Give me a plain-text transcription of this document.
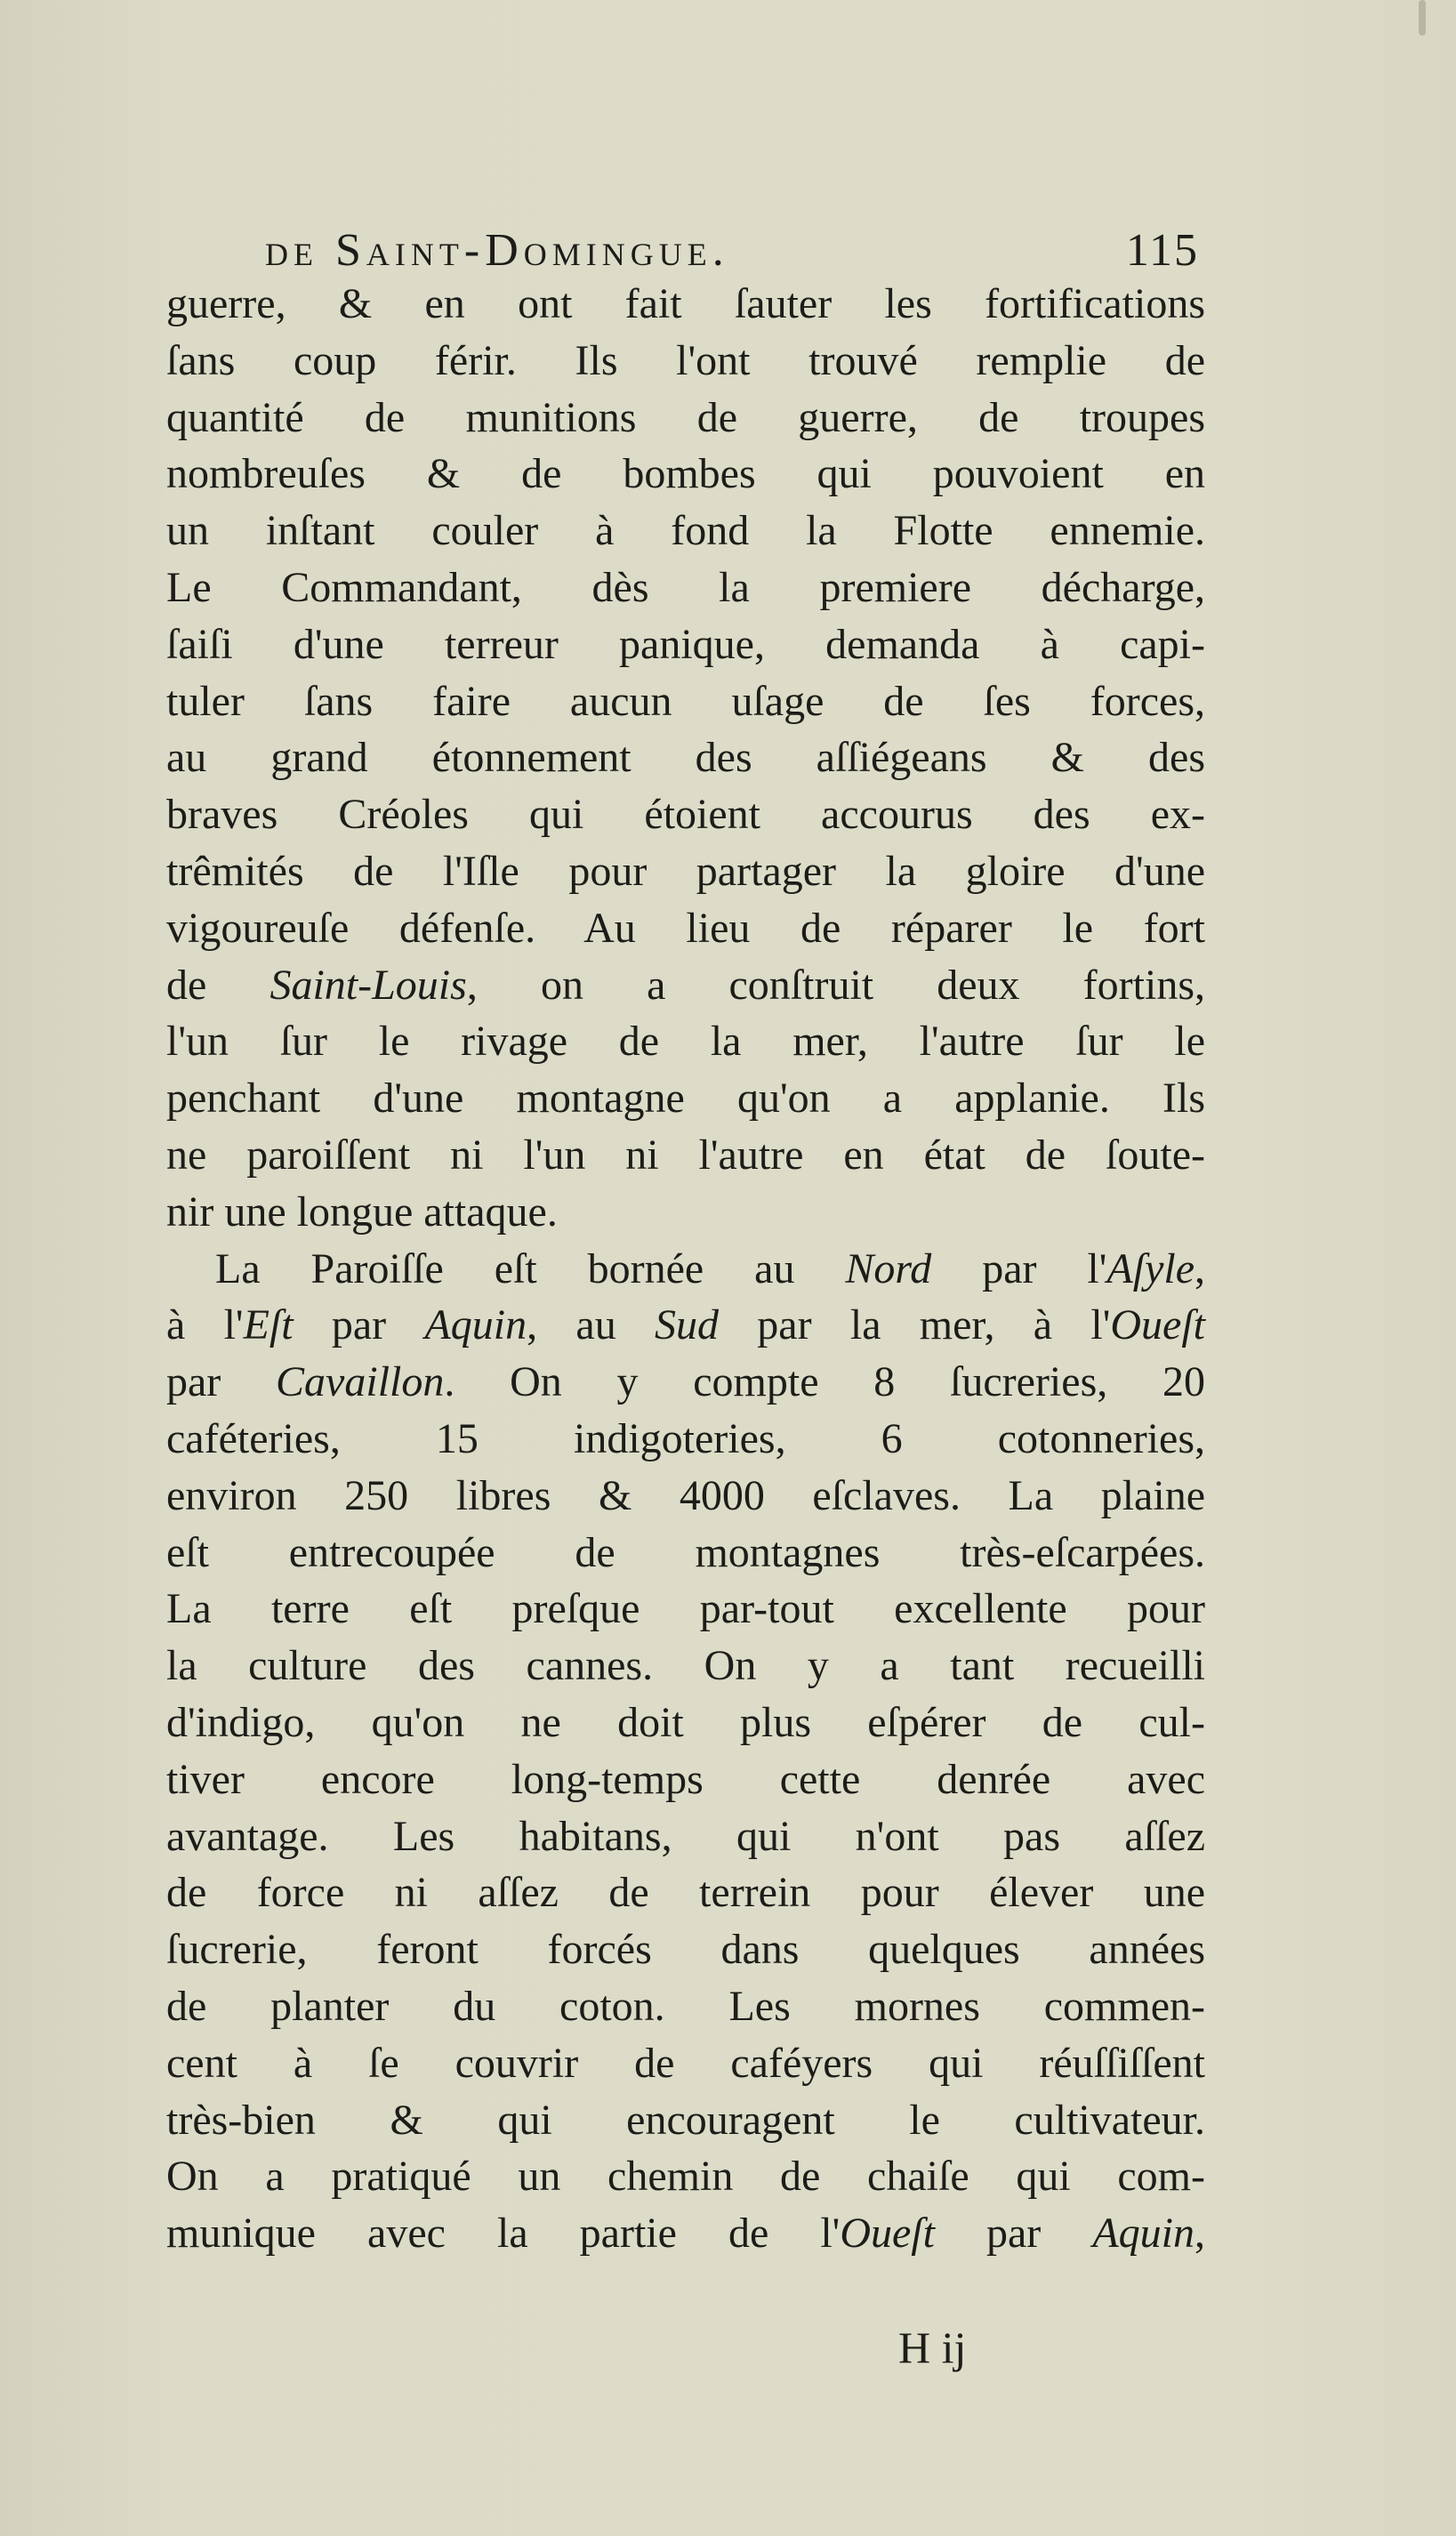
de Saint-Domingue.	115
guerre, & en ont fait ſauter les fortifications
ſans coup férir. Ils l'ont trouvé remplie de
quantité de munitions de guerre, de troupes
nombreuſes & de bombes qui pouvoient en
un inſtant couler à fond la Flotte ennemie.
Le Commandant, dès la premiere décharge,
ſaiſi d'une terreur panique, demanda à capi-
tuler ſans faire aucun uſage de ſes forces,
au grand étonnement des aſſiégeans & des
braves Créoles qui étoient accourus des ex-
trêmités de l'Iſle pour partager la gloire d'une
vigoureuſe défenſe. Au lieu de réparer le fort
de Saint-Louis, on a conſtruit deux fortins,
l'un ſur le rivage de la mer, l'autre ſur le
penchant d'une montagne qu'on a applanie. Ils
ne paroiſſent ni l'un ni l'autre en état de ſoute-
nir une longue attaque.
La Paroiſſe eſt bornée au Nord par l'Aſyle,
à l'Eſt par Aquin, au Sud par la mer, à l'Oueſt
par Cavaillon. On y compte 8 ſucreries, 20
caféteries, 15 indigoteries, 6 cotonneries,
environ 250 libres & 4000 eſclaves. La plaine
eſt entrecoupée de montagnes très-eſcarpées.
La terre eſt preſque par-tout excellente pour
la culture des cannes. On y a tant recueilli
d'indigo, qu'on ne doit plus eſpérer de cul-
tiver encore long-temps cette denrée avec
avantage. Les habitans, qui n'ont pas aſſez
de force ni aſſez de terrein pour élever une
ſucrerie, feront forcés dans quelques années
de planter du coton. Les mornes commen-
cent à ſe couvrir de caféyers qui réuſſiſſent
très-bien & qui encouragent le cultivateur.
On a pratiqué un chemin de chaiſe qui com-
munique avec la partie de l'Oueſt par Aquin,
H ij
